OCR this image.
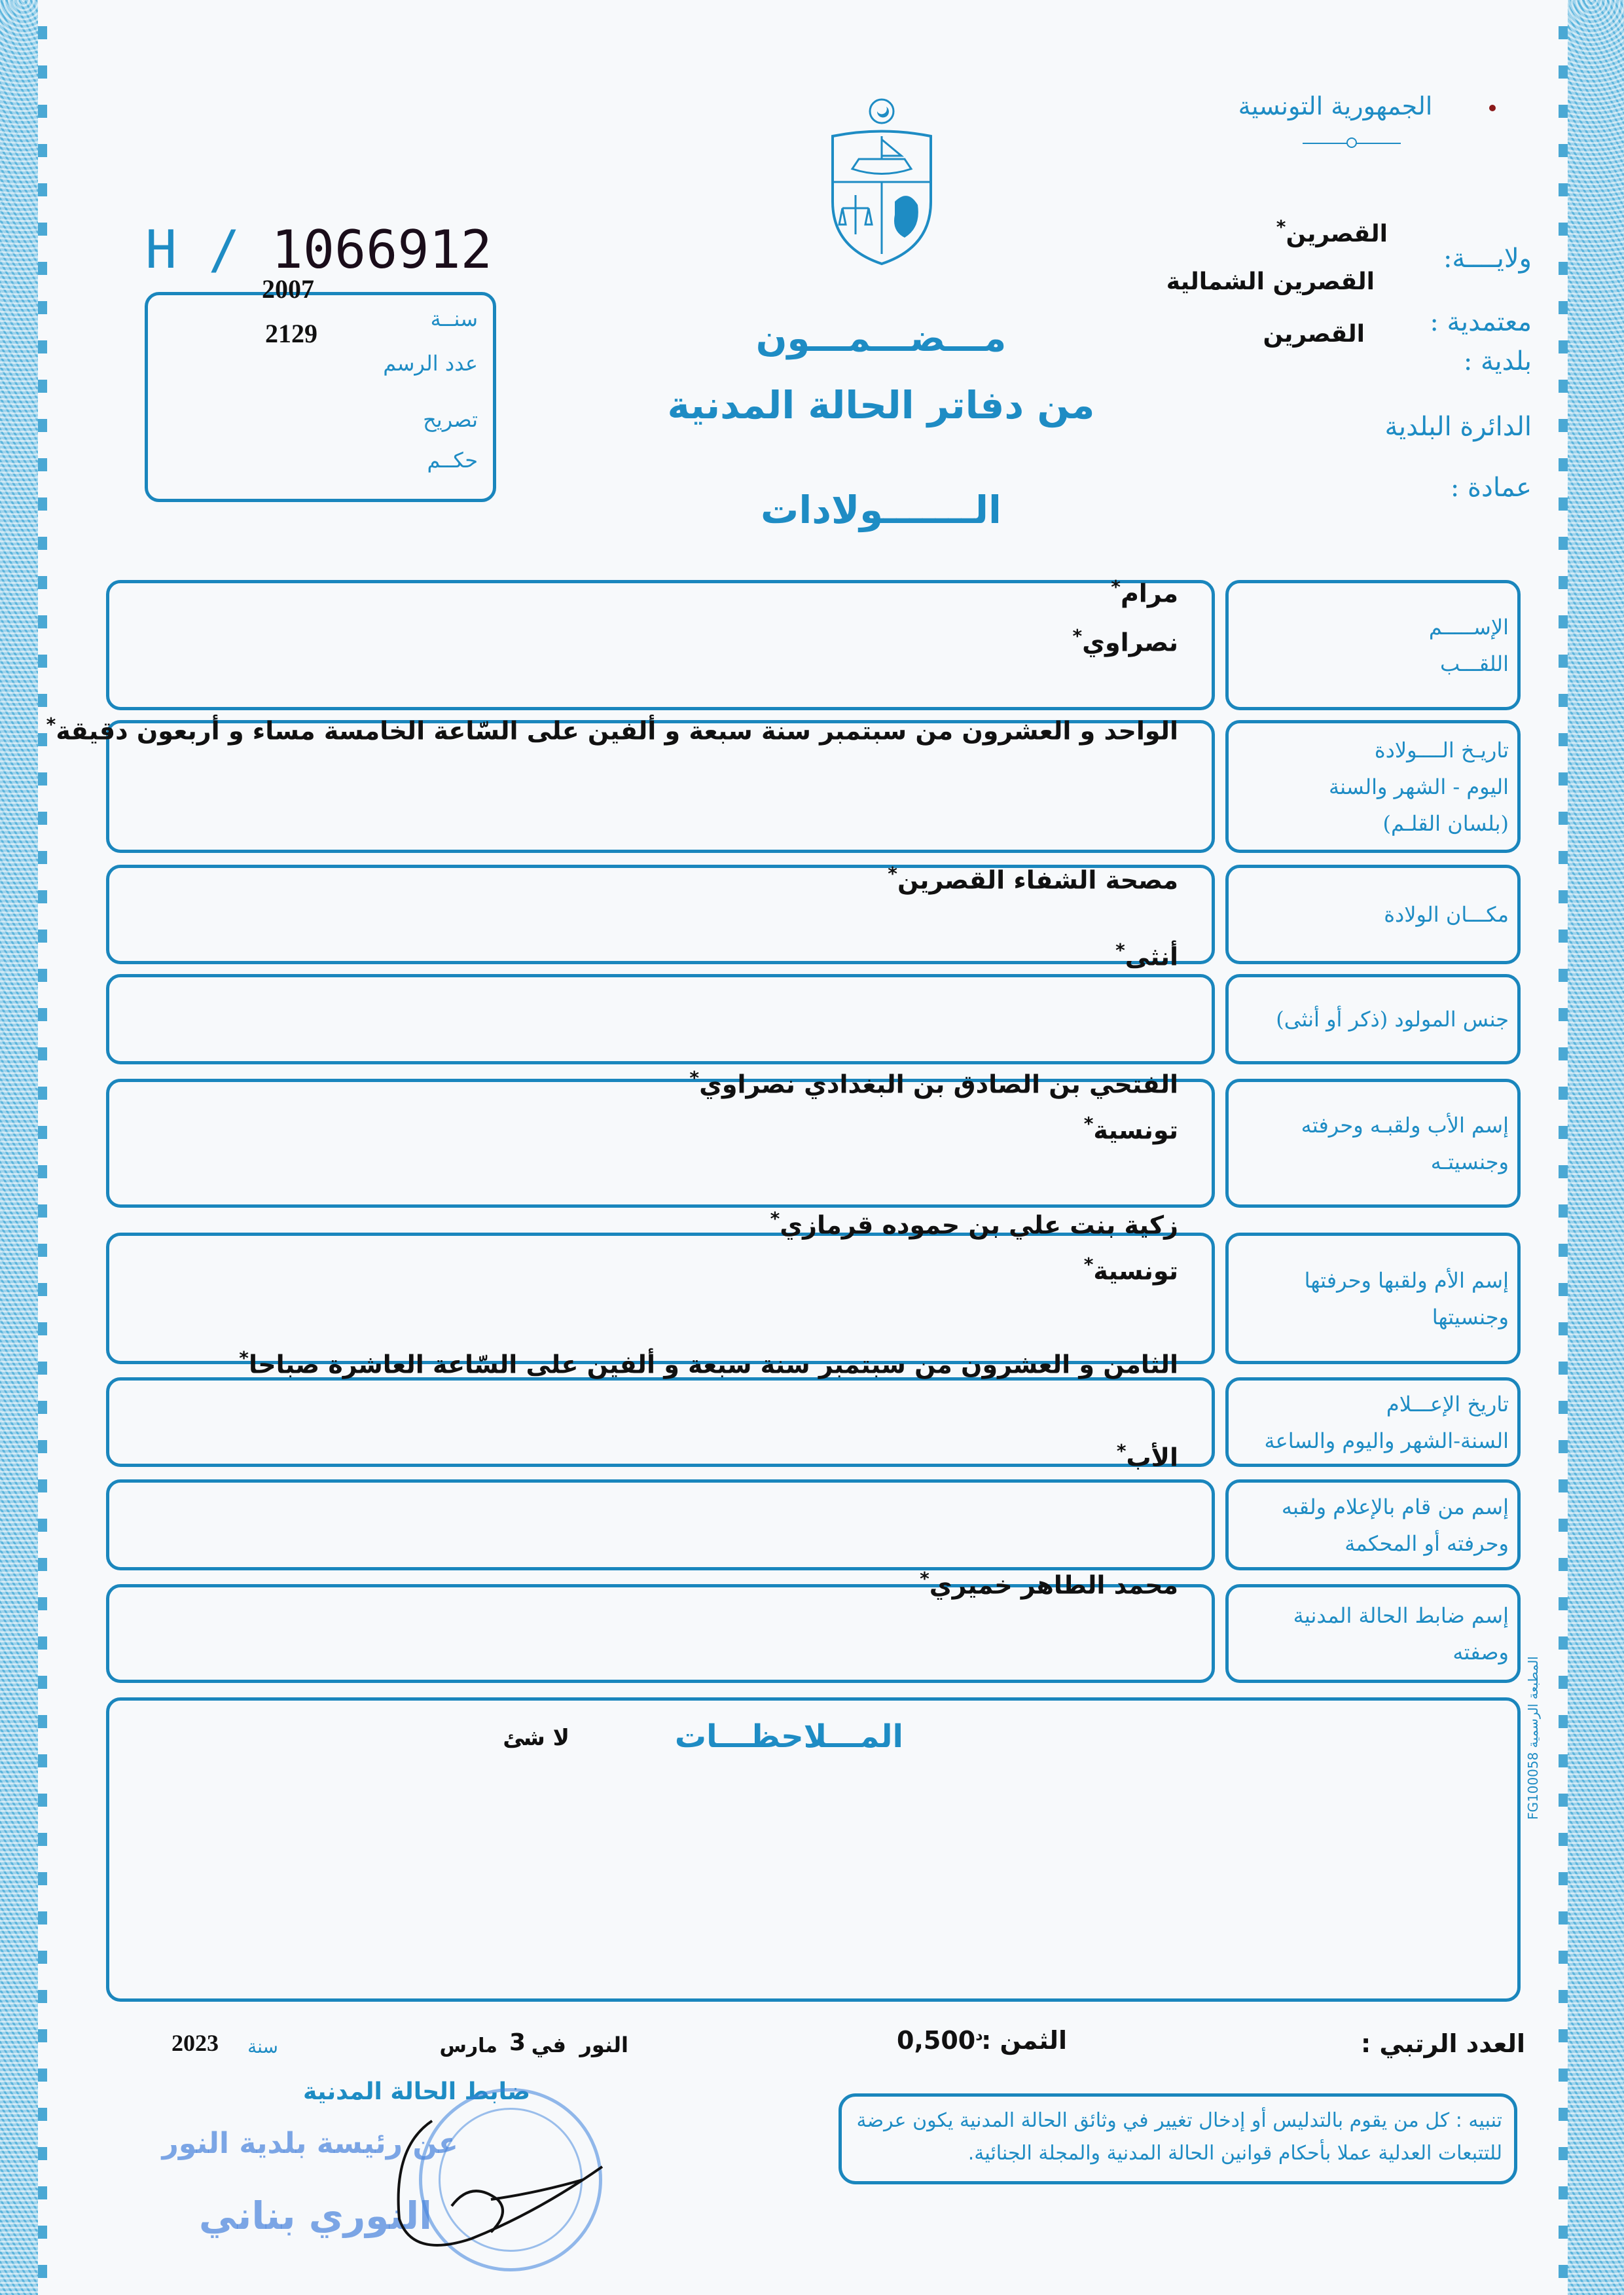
الجمهورية التونسية
H / 1066912
2007
2129	سنــة
عدد الرسم
تصريح
حكــم
ولايــــة:
القصرين *
معتمدية :
القصرين الشمالية
بلدية :
القصرين
الدائرة البلدية
عمادة :
مـــضـــمـــون
من دفاتر الحالة المدنية
الـــــــولادات
الإســـــم
اللقـــب
مرام *
نصراوي *
تاريـخ الــــولادة
اليوم - الشهر والسنة
(بلسان القلـم)
الواحد و العشرون من سبتمبر سنة سبعة و ألفين على السّاعة الخامسة مساء و أربعون دقيقة *
مكـــان الولادة
مصحة الشفاء القصرين *
جنس المولود (ذكر أو أنثى)
أنثى *
إسم الأب ولقبـه وحرفته
وجنسيتـه
الفتحي بن الصادق بن البغدادي نصراوي *
تونسية *
إسم الأم ولقبها وحرفتها
وجنسيتها
زكية بنت علي بن حموده قرمازي *
تونسية *
تاريخ الإعـــلام
السنة-الشهر واليوم والساعة
الثامن و العشرون من سبتمبر سنة سبعة و ألفين على السّاعة العاشرة صباحا *
إسم من قام بالإعلام ولقبه
وحرفته أو المحكمة
الأب *
إسم ضابط الحالة المدنية
وصفته
محمد الطاهر خميري *
المـــلاحظـــات
لا شئ
المطبعة الرسمية FG100058
العدد الرتبي :
الثمن :
$0,500^د$
النور
في
3
مارس
سنة
2023
ضابط الحالة المدنية
عن رئيسة بلدية النور
النوري بناني
تنبيه : كل من يقوم بالتدليس أو إدخال تغيير في وثائق الحالة المدنية يكون عرضة للتتبعات العدلية عملا بأحكام قوانين الحالة المدنية والمجلة الجنائية.
